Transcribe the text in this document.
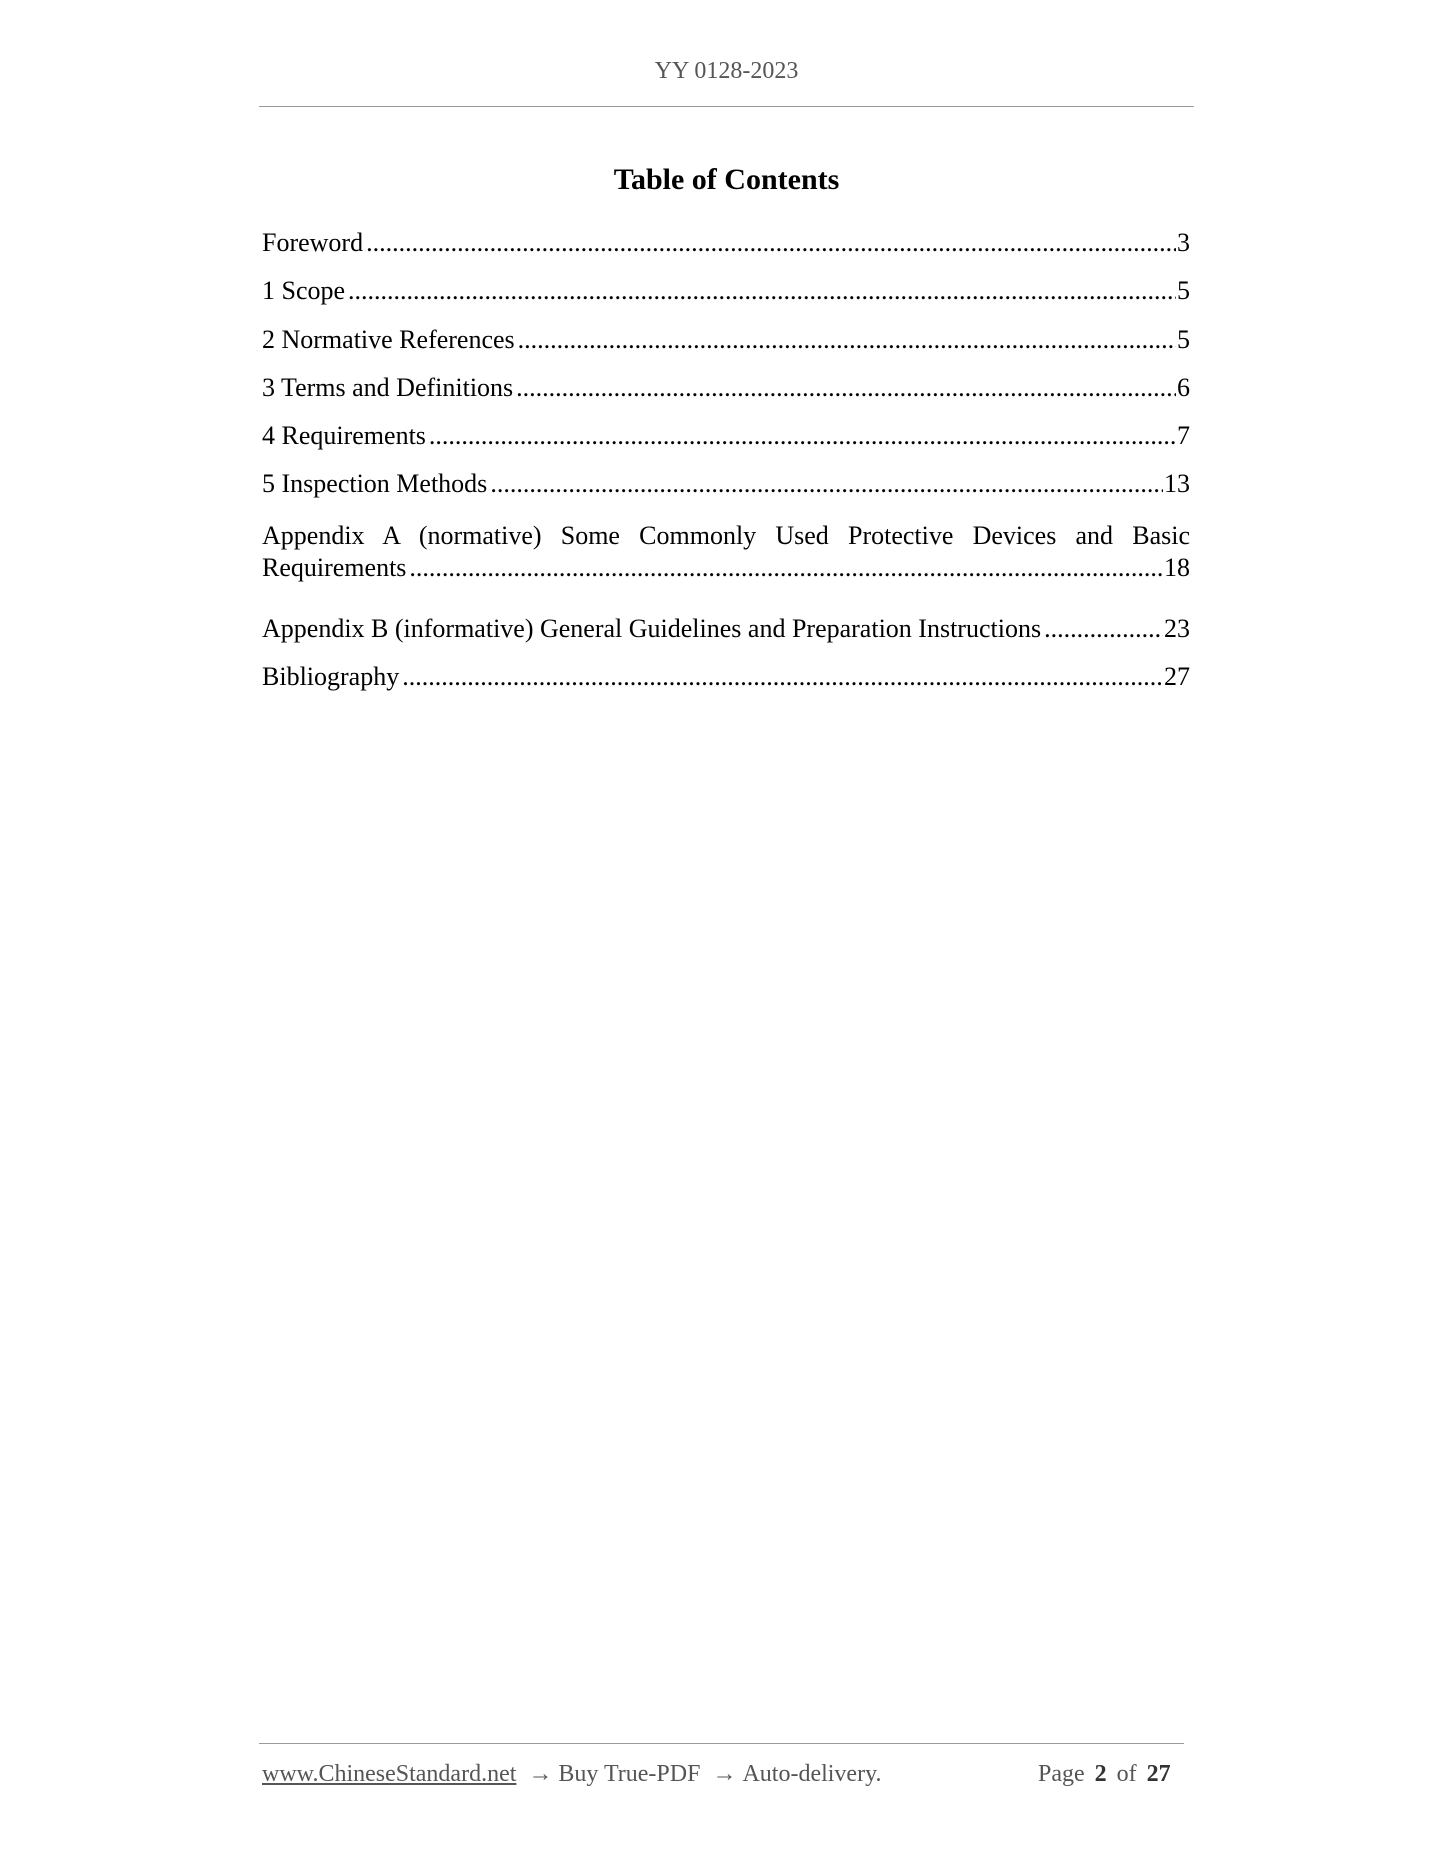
YY 0128-2023
Table of Contents
Foreword .....	3
1 Scope .....	5
2 Normative References .....	5
3 Terms and Definitions .....	6
4 Requirements .....	7
5 Inspection Methods .....	13
Appendix A (normative) Some Commonly Used Protective Devices and Basic
Requirements .....	18
Appendix B (informative) General Guidelines and Preparation Instructions .....	23
Bibliography .....	27
www.ChineseStandard.net → Buy True-PDF → Auto-delivery.	Page 2 of 27
